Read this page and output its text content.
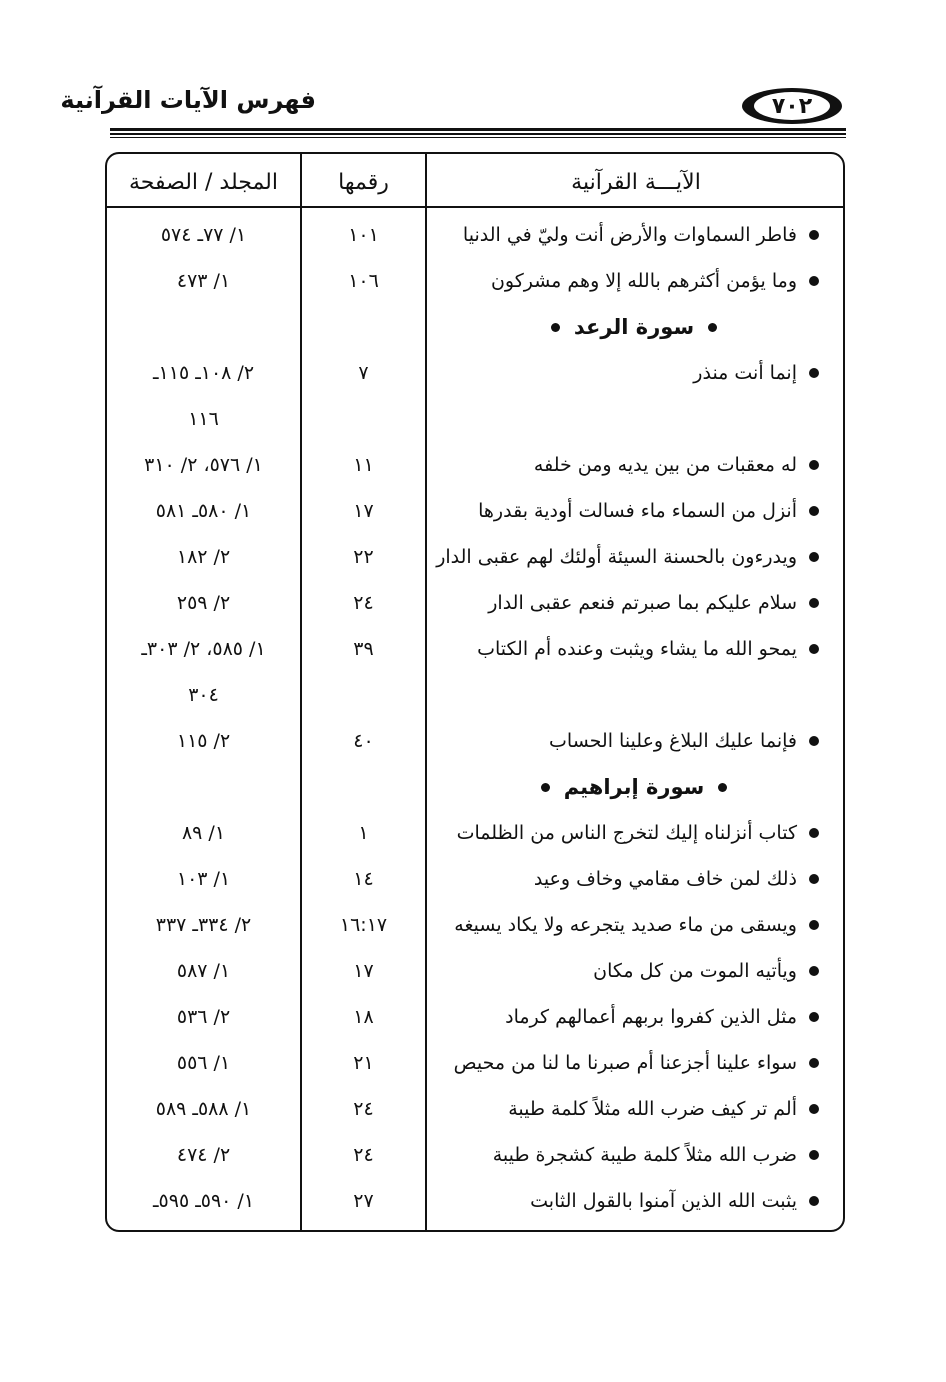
فهرس الآيات القرآنية	٧٠٢
الآيـــة القرآنية
رقمها
المجلد / الصفحة
فاطر السماوات والأرض أنت وليّ في الدنيا
١٠١
١/ ٧٧ـ ٥٧٤
وما يؤمن أكثرهم بالله إلا وهم مشركون
١٠٦
١/ ٤٧٣
سورة الرعد
إنما أنت منذر
٧
٢/ ١٠٨ـ ١١٥ـ
١١٦
له معقبات من بين يديه ومن خلفه
١١
١/ ٥٧٦، ٢/ ٣١٠
أنزل من السماء ماء فسالت أودية بقدرها
١٧
١/ ٥٨٠ـ ٥٨١
ويدرءون بالحسنة السيئة أولئك لهم عقبى الدار
٢٢
٢/ ١٨٢
سلام عليكم بما صبرتم فنعم عقبى الدار
٢٤
٢/ ٢٥٩
يمحو الله ما يشاء ويثبت وعنده أم الكتاب
٣٩
١/ ٥٨٥، ٢/ ٣٠٣ـ
٣٠٤
فإنما عليك البلاغ وعلينا الحساب
٤٠
٢/ ١١٥
سورة إبراهيم
كتاب أنزلناه إليك لتخرج الناس من الظلمات
١
١/ ٨٩
ذلك لمن خاف مقامي وخاف وعيد
١٤
١/ ١٠٣
ويسقى من ماء صديد يتجرعه ولا يكاد يسيغه
١٦:١٧
٢/ ٣٣٤ـ ٣٣٧
ويأتيه الموت من كل مكان
١٧
١/ ٥٨٧
مثل الذين كفروا بربهم أعمالهم كرماد
١٨
٢/ ٥٣٦
سواء علينا أجزعنا أم صبرنا ما لنا من محيص
٢١
١/ ٥٥٦
ألم تر كيف ضرب الله مثلاً كلمة طيبة
٢٤
١/ ٥٨٨ـ ٥٨٩
ضرب الله مثلاً كلمة طيبة كشجرة طيبة
٢٤
٢/ ٤٧٤
يثبت الله الذين آمنوا بالقول الثابت
٢٧
١/ ٥٩٠ـ ٥٩٥ـ
